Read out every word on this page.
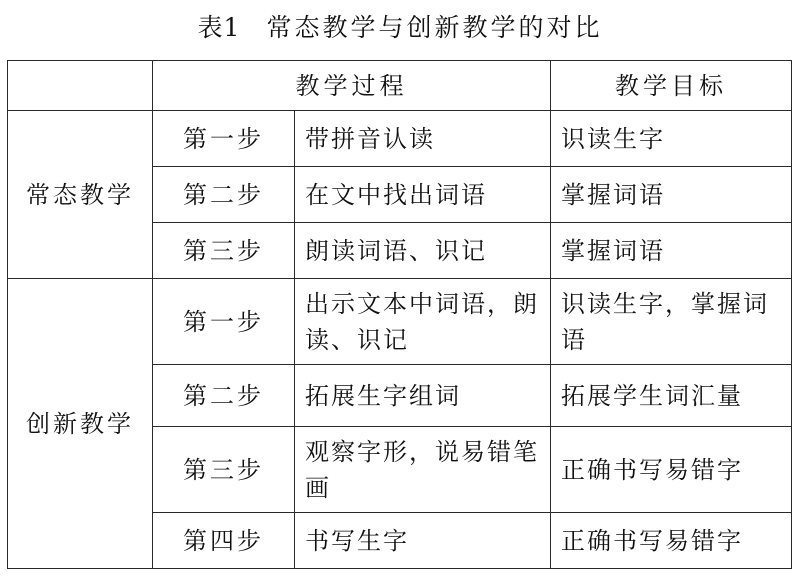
表1 常态教学与创新教学的对比
	教学过程		教学目标
常态教学	第一步	带拼音认读	识读生字
	第二步	在文中找出词语	掌握词语
	第三步	朗读词语、识记	掌握词语
创新教学	第一步	出示文本中词语，朗读、识记	识读生字，掌握词语
	第二步	拓展生字组词	拓展学生词汇量
	第三步	观察字形，说易错笔画	正确书写易错字
	第四步	书写生字	正确书写易错字
